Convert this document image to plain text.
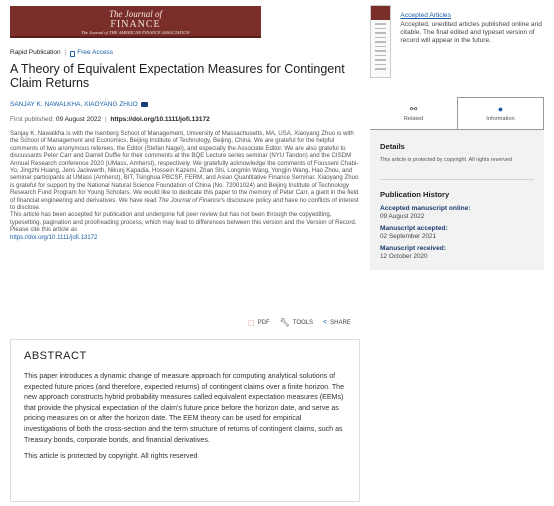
The Journal of
FINANCE
The Journal of THE AMERICAN FINANCE ASSOCIATION
Rapid Publication | Free Access
A Theory of Equivalent Expectation Measures for Contingent Claim Returns
SANJAY K. NAWALKHA, XIAOYANG ZHUO
First published: 09 August 2022 | https://doi.org/10.1111/jofi.13172

Sanjay K. Nawalkha is with the Isenberg School of Management, University of Massachusetts, MA, USA. Xiaoyang Zhuo is with the School of Management and Economics, Beijing Institute of Technology, Beijing, China. We are grateful for the helpful comments of two anonymous referees, the Editor (Stefan Nagel), and especially the Associate Editor. We are also grateful to discussants Peter Carr and Darrell Duffie for their comments at the BQE Lecture series seminar (NYU Tandon) and the CISDM Annual Research conference 2020 (UMass, Amherst), respectively. We gratefully acknowledge the comments of Fousseni Chabi-Yo, Jingzhi Huang, Jens Jackwerth, Nikunj Kapadia, Hossein Kazemi, Zhan Shi, Longmin Wang, Yongjin Wang, Hao Zhou, and seminar participants at UMass (Amherst), BIT, Tsinghua PBCSF, FERM, and Asian Quantitative Finance Seminar. Xiaoyang Zhuo is grateful for support by the National Natural Science Foundation of China (No. 72001024) and Beijing Institute of Technology Research Fund Program for Young Scholars. We would like to dedicate this paper to the memory of Peter Carr, a giant in the field of financial engineering and derivatives. We have read The Journal of Finance's disclosure policy and have no conflicts of interest to disclose.

This article has been accepted for publication and undergone full peer review but has not been through the copyediting, typesetting, pagination and proofreading process, which may lead to differences between this version and the Version of Record. Please cite this article as
https://doi.org/10.1111/jofi.13172

⬚ PDF 🔧︎ TOOLS < SHARE
ABSTRACT

This paper introduces a dynamic change of measure approach for computing analytical solutions of expected future prices (and therefore, expected returns) of contingent claims over a finite horizon. The new approach constructs hybrid probability measures called equivalent expectation measures (EEMs) that provide the physical expectation of the claim's future price before the horizon date, and serve as pricing measures on or after the horizon date. The EEM theory can be used for empirical investigations of both the cross-section and the term structure of returns of contingent claims, such as Treasury bonds, corporate bonds, and financial derivatives.

This article is protected by copyright. All rights reserved

Accepted Articles
Accepted, unedited articles published online and citable. The final edited and typeset version of record will appear in the future.
⚯
Related
●
Information
Details

This article is protected by copyright. All rights reserved

Publication History
Accepted manuscript online:
09 August 2022
Manuscript accepted:
02 September 2021
Manuscript received:
12 October 2020
